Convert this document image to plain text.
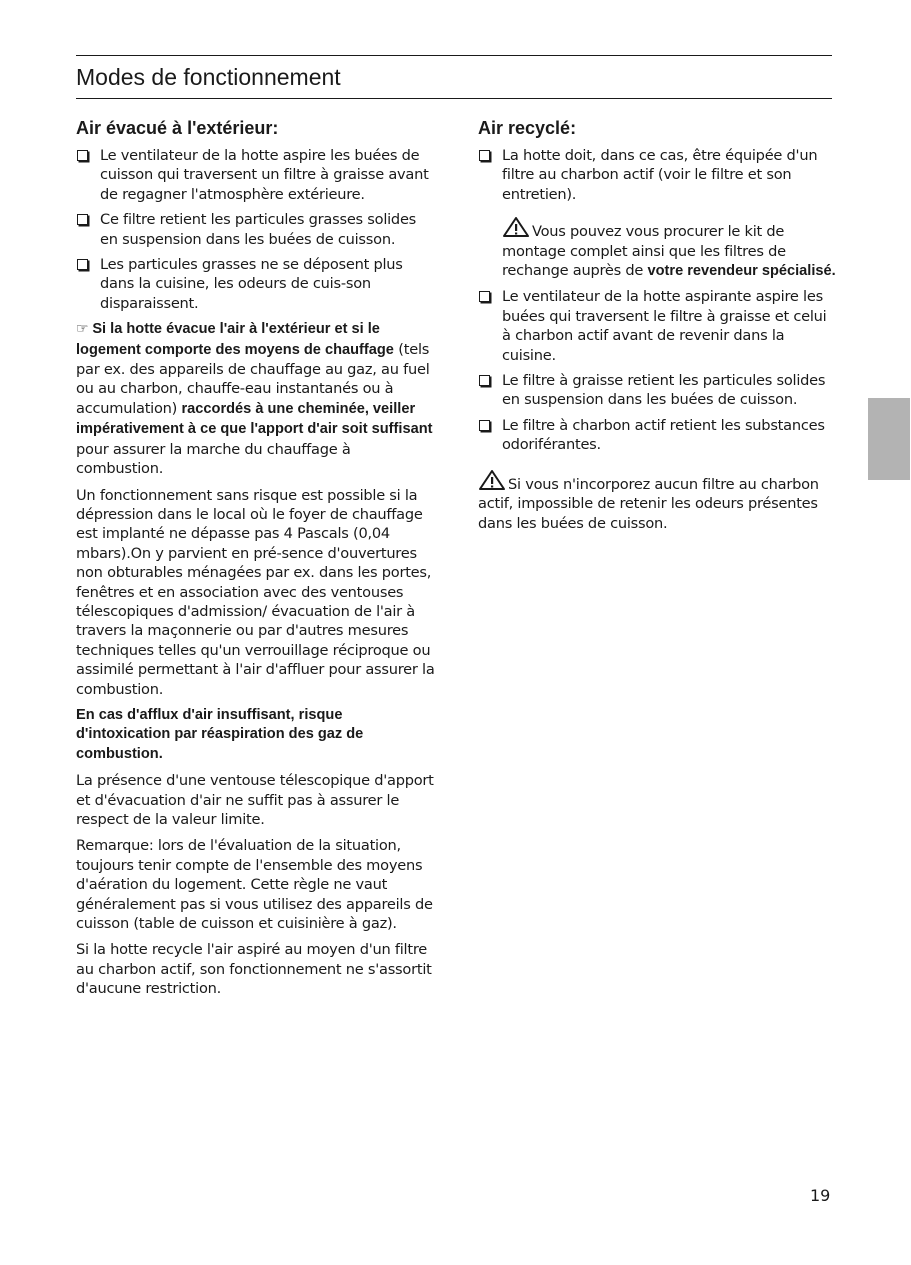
Modes de fonctionnement
Air évacué à l'extérieur:
Le ventilateur de la hotte aspire les buées de cuisson qui traversent un filtre à graisse avant de regagner l'atmosphère extérieure.
Ce filtre retient les particules grasses solides en suspension dans les buées de cuisson.
Les particules grasses ne se déposent plus dans la cuisine, les odeurs de cuis-son disparaissent.

☞ Si la hotte évacue l'air à l'extérieur et si le logement comporte des moyens de chauffage (tels par ex. des appareils de chauffage au gaz, au fuel ou au charbon, chauffe-eau instantanés ou à accumulation) raccordés à une cheminée, veiller impérativement à ce que l'apport d'air soit suffisant pour assurer la marche du chauffage à combustion.

Un fonctionnement sans risque est possible si la dépression dans le local où le foyer de chauffage est implanté ne dépasse pas 4 Pascals (0,04 mbars).On y parvient en pré-sence d'ouvertures non obturables ménagées par ex. dans les portes, fenêtres et en association avec des ventouses télescopiques d'admission/ évacuation de l'air à travers la maçonnerie ou par d'autres mesures techniques telles qu'un verrouillage réciproque ou assimilé permettant à l'air d'affluer pour assurer la combustion.

En cas d'afflux d'air insuffisant, risque d'intoxication par réaspiration des gaz de combustion.

La présence d'une ventouse télescopique d'apport et d'évacuation d'air ne suffit pas à assurer le respect de la valeur limite.

Remarque: lors de l'évaluation de la situation, toujours tenir compte de l'ensemble des moyens d'aération du logement. Cette règle ne vaut généralement pas si vous utilisez des appareils de cuisson (table de cuisson et cuisinière à gaz).

Si la hotte recycle l'air aspiré au moyen d'un filtre au charbon actif, son fonctionnement ne s'assortit d'aucune restriction.

Air recyclé:
La hotte doit, dans ce cas, être équipée d'un filtre au charbon actif (voir le filtre et son entretien).

Vous pouvez vous procurer le kit de montage complet ainsi que les filtres de rechange auprès de votre revendeur spécialisé.

Le ventilateur de la hotte aspirante aspire les buées qui traversent le filtre à graisse et celui à charbon actif avant de revenir dans la cuisine.
Le filtre à graisse retient les particules solides en suspension dans les buées de cuisson.
Le filtre à charbon actif retient les substances odoriférantes.

Si vous n'incorporez aucun filtre au charbon actif, impossible de retenir les odeurs présentes dans les buées de cuisson.

19
